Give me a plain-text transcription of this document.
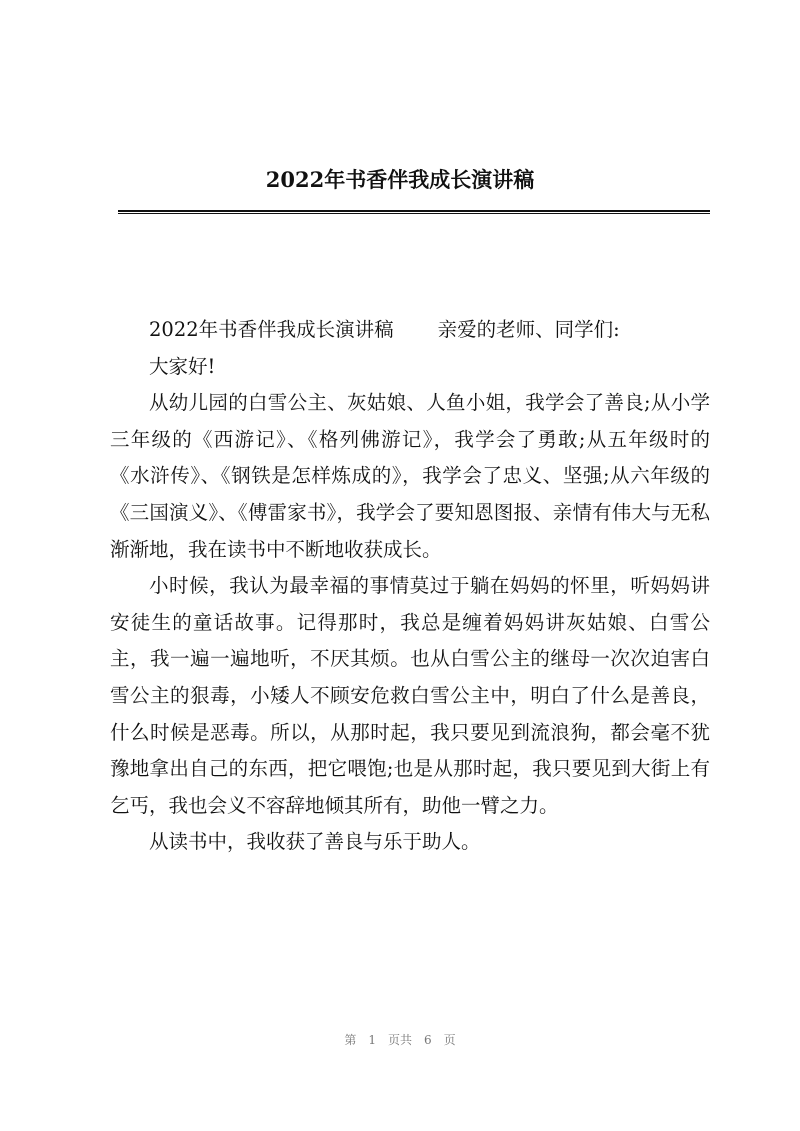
2022年书香伴我成长演讲稿

2022年书香伴我成长演讲稿 亲爱的老师、同学们:

大家好!

从幼儿园的白雪公主、灰姑娘、人鱼小姐，我学会了善良;从小学三年级的《西游记》、《格列佛游记》，我学会了勇敢;从五年级时的《水浒传》、《钢铁是怎样炼成的》，我学会了忠义、坚强;从六年级的《三国演义》、《傅雷家书》，我学会了要知恩图报、亲情有伟大与无私渐渐地，我在读书中不断地收获成长。

小时候，我认为最幸福的事情莫过于躺在妈妈的怀里，听妈妈讲安徒生的童话故事。记得那时，我总是缠着妈妈讲灰姑娘、白雪公主，我一遍一遍地听，不厌其烦。也从白雪公主的继母一次次迫害白雪公主的狠毒，小矮人不顾安危救白雪公主中，明白了什么是善良，什么时候是恶毒。所以，从那时起，我只要见到流浪狗，都会毫不犹豫地拿出自己的东西，把它喂饱;也是从那时起，我只要见到大街上有乞丐，我也会义不容辞地倾其所有，助他一臂之力。

从读书中，我收获了善良与乐于助人。

第 1 页共 6 页
